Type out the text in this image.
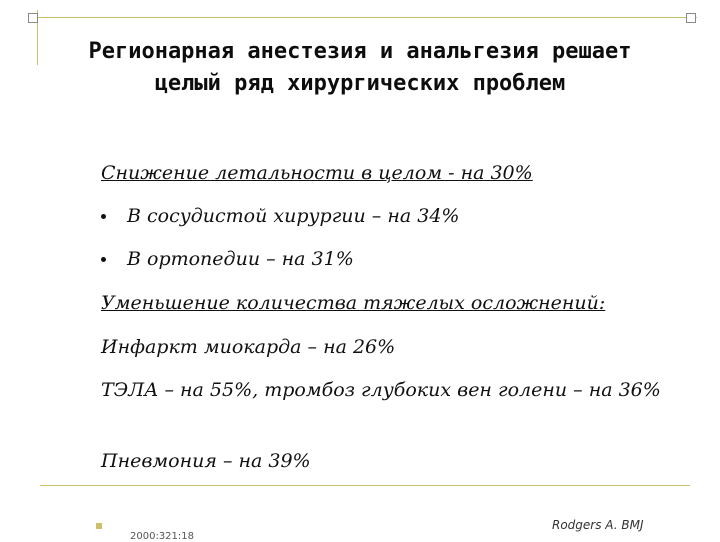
Регионарная анестезия и анальгезия решает
целый ряд хирургических проблем
Снижение летальности в целом - на 30%
В сосудистой хирургии – на 34%
В ортопедии – на 31%
Уменьшение количества тяжелых осложнений:
Инфаркт миокарда – на 26%
ТЭЛА – на 55%, тромбоз глубоких вен голени – на 36%
Пневмония – на 39%
2000:321:18
Rodgers A. BMJ
